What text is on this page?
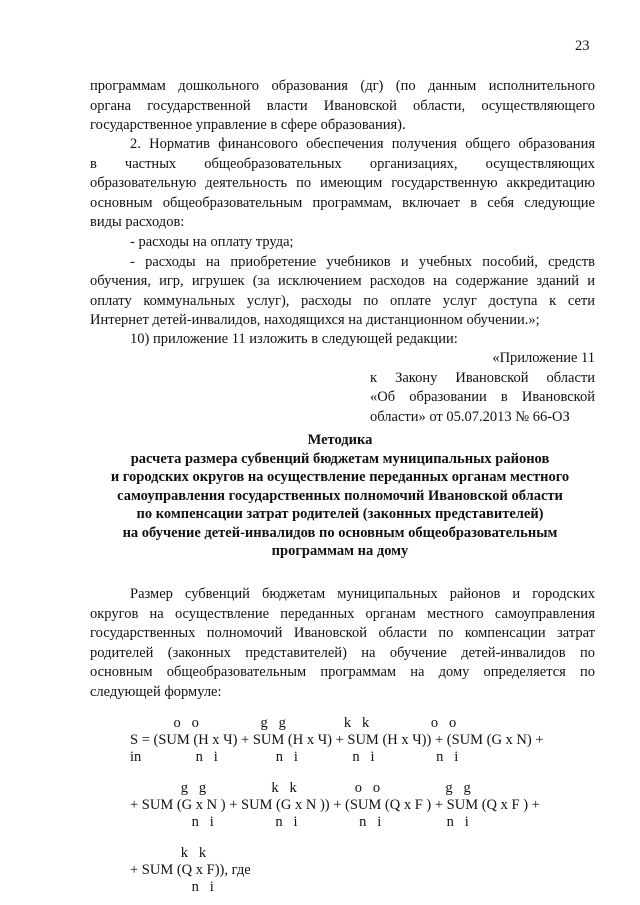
23
программам дошкольного образования (дг) (по данным исполнительного
органа государственной власти Ивановской области, осуществляющего
государственное управление в сфере образования).
2. Норматив финансового обеспечения получения общего образования
в частных общеобразовательных организациях, осуществляющих
образовательную деятельность по имеющим государственную аккредитацию
основным общеобразовательным программам, включает в себя следующие
виды расходов:
- расходы на оплату труда;
- расходы на приобретение учебников и учебных пособий, средств
обучения, игр, игрушек (за исключением расходов на содержание зданий и
оплату коммунальных услуг), расходы по оплате услуг доступа к сети
Интернет детей-инвалидов, находящихся на дистанционном обучении.»;
10) приложение 11 изложить в следующей редакции:
«Приложение 11
к Закону Ивановской области
«Об образовании в Ивановской
области» от 05.07.2013 № 66-ОЗ
Методика
расчета размера субвенций бюджетам муниципальных районов
и городских округов на осуществление переданных органам местного
самоуправления государственных полномочий Ивановской области
по компенсации затрат родителей (законных представителей)
на обучение детей-инвалидов по основным общеобразовательным
программам на дому
Размер субвенций бюджетам муниципальных районов и городских
округов на осуществление переданных органам местного самоуправления
государственных полномочий Ивановской области по компенсации затрат
родителей (законных представителей) на обучение детей-инвалидов по
основным общеобразовательным программам на дому определяется по
следующей формуле:
o   o                 g   g                k   k                 o   o
S = (SUM (Н х Ч) + SUM (Н х Ч) + SUM (Н х Ч)) + (SUM (G x N) +
in               n   i                n   i               n   i                 n   i
g   g                  k   k                o   o                  g   g
+ SUM (G x N ) + SUM (G x N )) + (SUM (Q x F ) + SUM (Q x F ) +
n   i                 n   i                 n   i                  n   i
k   k
+ SUM (Q x F)), где
n   i
